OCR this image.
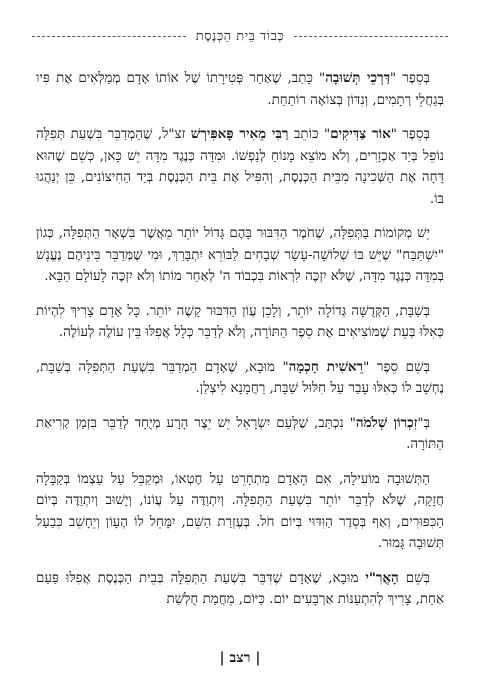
כְּבוֹד בֵּית הַכְּנֶסֶת

בְּסֵפֶר "דַּרְכֵי תְּשׁוּבָה" כָּתַב, שֶׁאַחַר פְּטִירָתוֹ שֶׁל אוֹתוֹ אָדָם מְמַלְּאִים אֶת פִּיו בְּגַחֲלֵי רְתָמִים, וְנִדּוֹן בְּצוֹאָה רוֹתַחַת.

בְּסֵפֶר "אוֹר צַדִּיקִים" כּוֹתֵב רַבִּי מֵאִיר פָּאפִּירְשׁ זצ"ל, שֶׁהַמְדַבֵּר בִּשְׁעַת תְּפִלָּה נוֹפֵל בְּיַד אַכְזָרִים, וְלֹא מוֹצֵא מָנוֹחַ לְנַפְשׁוֹ. וּמִדָּה כְּנֶגֶד מִדָּה יֵשׁ כָּאן, כְּשֵׁם שֶׁהוּא דָּחָה אֶת הַשְּׁכִינָה מִבֵּית הַכְּנֶסֶת, וְהִפִּיל אֶת בֵּית הַכְּנֶסֶת בְּיַד הַחִיצוֹנִים, כֵּן יְנַהֲגוּ בּוֹ.

יֵשׁ מְקוֹמוֹת בַּתְּפִלָּה, שֶׁחֹמֶר הַדִּבּוּר בָּהֶם גָּדוֹל יוֹתֵר מֵאֲשֶׁר בִּשְׁאָר הַתְּפִלָּה, כְּגוֹן "יִשְׁתַּבַּח" שֶׁיֵּשׁ בּוֹ שְׁלוֹשָׁה-עָשָׂר שְׁבָחִים לַבּוֹרֵא יִתְבָּרַךְ, וּמִי שֶׁמְּדַבֵּר בֵּינֵיהֶם נֶעֱנָשׁ בְּמִדָּה כְּנֶגֶד מִדָּה, שֶׁלֹּא יִזְכֶּה לִרְאוֹת בִּכְבוֹד ה' לְאַחַר מוֹתוֹ וְלֹא יִזְכֶּה לָעוֹלָם הַבָּא.

בְּשַׁבָּת, הַקְּדֻשָּׁה גְּדוֹלָה יוֹתֵר, וְלָכֵן עֲוֹן הַדִּבּוּר קָשֶׁה יוֹתֵר. כָּל אָדָם צָרִיךְ לִהְיוֹת כְּאִלּוּ בְּעֵת שֶׁמּוֹצִיאִים אֶת סֵפֶר הַתּוֹרָה, וְלֹא לְדַבֵּר כְּלָל אֲפִלּוּ בֵּין עוֹלֶה לְעוֹלֶה.

בְּשֵׁם סֵפֶר "רֵאשִׁית חָכְמָה" מוּבָא, שֶׁאָדָם הַמְדַבֵּר בִּשְׁעַת הַתְּפִלָּה בְּשַׁבָּת, נֶחְשָׁב לוֹ כְּאִלּוּ עָבַר עַל חִלּוּל שַׁבָּת, רַחֲמָנָא לִיצְלַן.

בְּ"זִכְרוֹן שְׁלֹמֹה" נִכְתַּב, שֶׁלְּעַם יִשְׂרָאֵל יֵשׁ יֵצֶר הָרָע מְיֻחָד לְדַבֵּר בִּזְמַן קְרִיאַת הַתּוֹרָה.

הַתְּשׁוּבָה מוֹעִילָה, אִם הָאָדָם מִתְחָרֵט עַל חֶטְאוֹ, וּמְקַבֵּל עַל עַצְמוֹ בְּקַבָּלָה חֲזָקָה, שֶׁלֹּא לְדַבֵּר יוֹתֵר בִּשְׁעַת הַתְּפִלָּה. וְיִתְוַדֶּה עַל עֲוֹנוֹ, וְיָשׁוּב וְיִתְוַדֶּה בְּיוֹם הַכִּפּוּרִים, וְאַף בְּסֵדֶר הַוִּדּוּי בְּיוֹם חֹל. בְּעֶזְרַת הַשֵּׁם, יִמָּחֵל לוֹ הֶעָוֹן וְיֵחָשֵׁב כִּבַעַל תְּשׁוּבָה גָּמוּר.

בְּשֵׁם הָאֲרִ"י מוּבָא, שֶׁאָדָם שֶׁדִּבֵּר בִּשְׁעַת הַתְּפִלָּה בְּבֵית הַכְּנֶסֶת אֲפִלּוּ פַּעַם אַחַת, צָרִיךְ לְהִתְעַנּוֹת אַרְבָּעִים יוֹם. כַּיּוֹם, מֵחֲמַת חֻלְשַׁת

| רצב |
